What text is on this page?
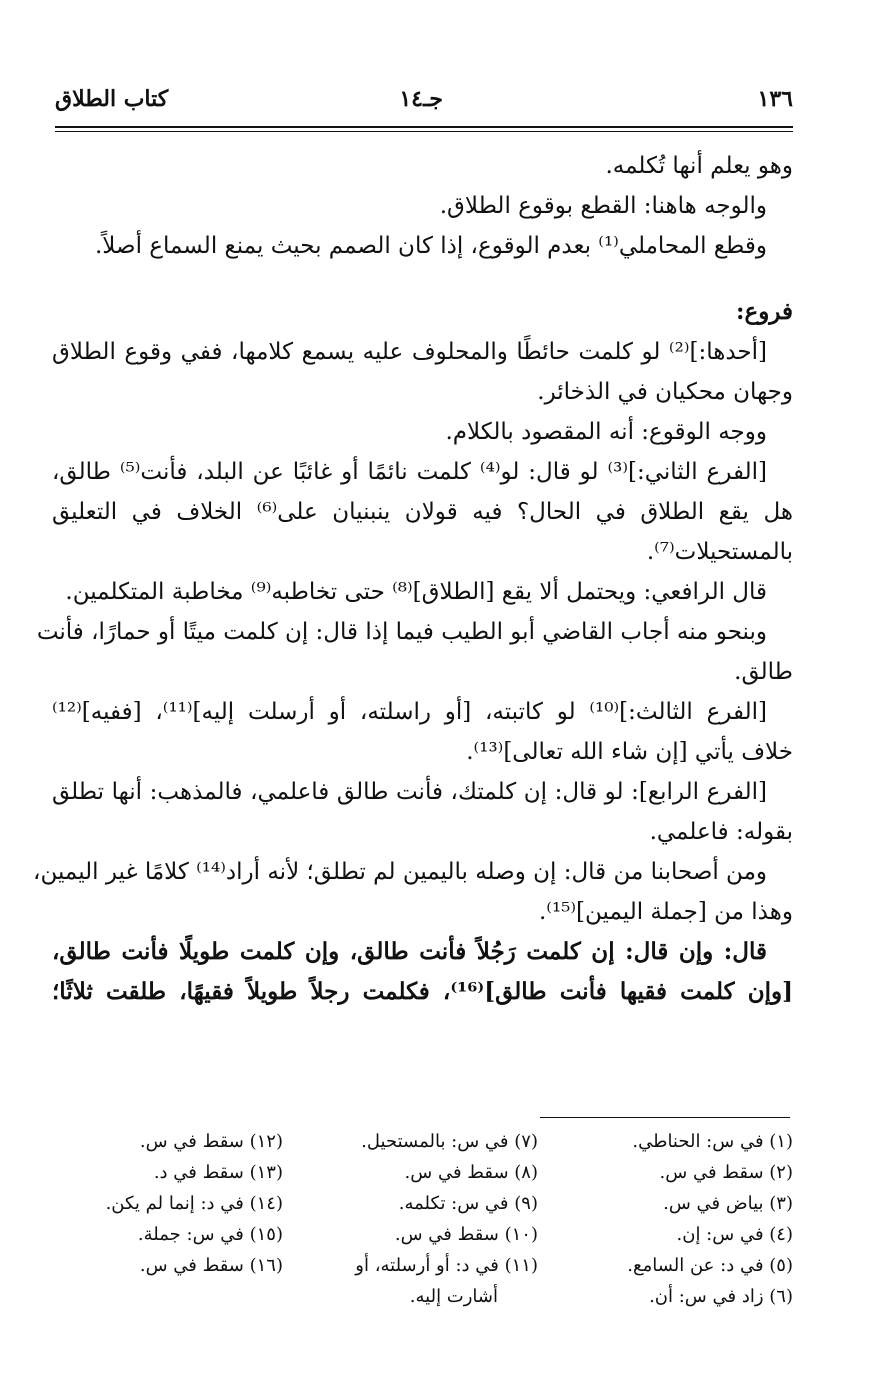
١٣٦
جـ١٤
كتاب الطلاق
وهو يعلم أنها تُكلمه.
والوجه هاهنا: القطع بوقوع الطلاق.
وقطع المحاملي⁽¹⁾ بعدم الوقوع، إذا كان الصمم بحيث يمنع السماع أصلاً.
فروع:
[أحدها:]⁽²⁾ لو كلمت حائطًا والمحلوف عليه يسمع كلامها، ففي وقوع الطلاق
وجهان محكيان في الذخائر.
ووجه الوقوع: أنه المقصود بالكلام.
[الفرع الثاني:]⁽³⁾ لو قال: لو⁽⁴⁾ كلمت نائمًا أو غائبًا عن البلد، فأنت⁽⁵⁾ طالق،
هل يقع الطلاق في الحال؟ فيه قولان ينبنيان على⁽⁶⁾ الخلاف في التعليق
بالمستحيلات⁽⁷⁾.
قال الرافعي: ويحتمل ألا يقع [الطلاق]⁽⁸⁾ حتى تخاطبه⁽⁹⁾ مخاطبة المتكلمين.
وبنحو منه أجاب القاضي أبو الطيب فيما إذا قال: إن كلمت ميتًا أو حمارًا، فأنت
طالق.
[الفرع الثالث:]⁽¹⁰⁾ لو كاتبته، [أو راسلته، أو أرسلت إليه]⁽¹¹⁾، [ففيه]⁽¹²⁾
خلاف يأتي [إن شاء الله تعالى]⁽¹³⁾.
[الفرع الرابع]: لو قال: إن كلمتك، فأنت طالق فاعلمي، فالمذهب: أنها تطلق
بقوله: فاعلمي.
ومن أصحابنا من قال: إن وصله باليمين لم تطلق؛ لأنه أراد⁽¹⁴⁾ كلامًا غير اليمين،
وهذا من [جملة اليمين]⁽¹⁵⁾.
قال: وإن قال: إن كلمت رَجُلاً فأنت طالق، وإن كلمت طويلًا فأنت طالق،
[وإن كلمت فقيها فأنت طالق]⁽¹⁶⁾، فكلمت رجلاً طويلاً فقيهًا، طلقت ثلاثًا؛
(١) في س: الحناطي.
(٢) سقط في س.
(٣) بياض في س.
(٤) في س: إن.
(٥) في د: عن السامع.
(٦) زاد في س: أن.
(٧) في س: بالمستحيل.
(٨) سقط في س.
(٩) في س: تكلمه.
(١٠) سقط في س.
(١١) في د: أو أرسلته، أو
أشارت إليه.
(١٢) سقط في س.
(١٣) سقط في د.
(١٤) في د: إنما لم يكن.
(١٥) في س: جملة.
(١٦) سقط في س.
